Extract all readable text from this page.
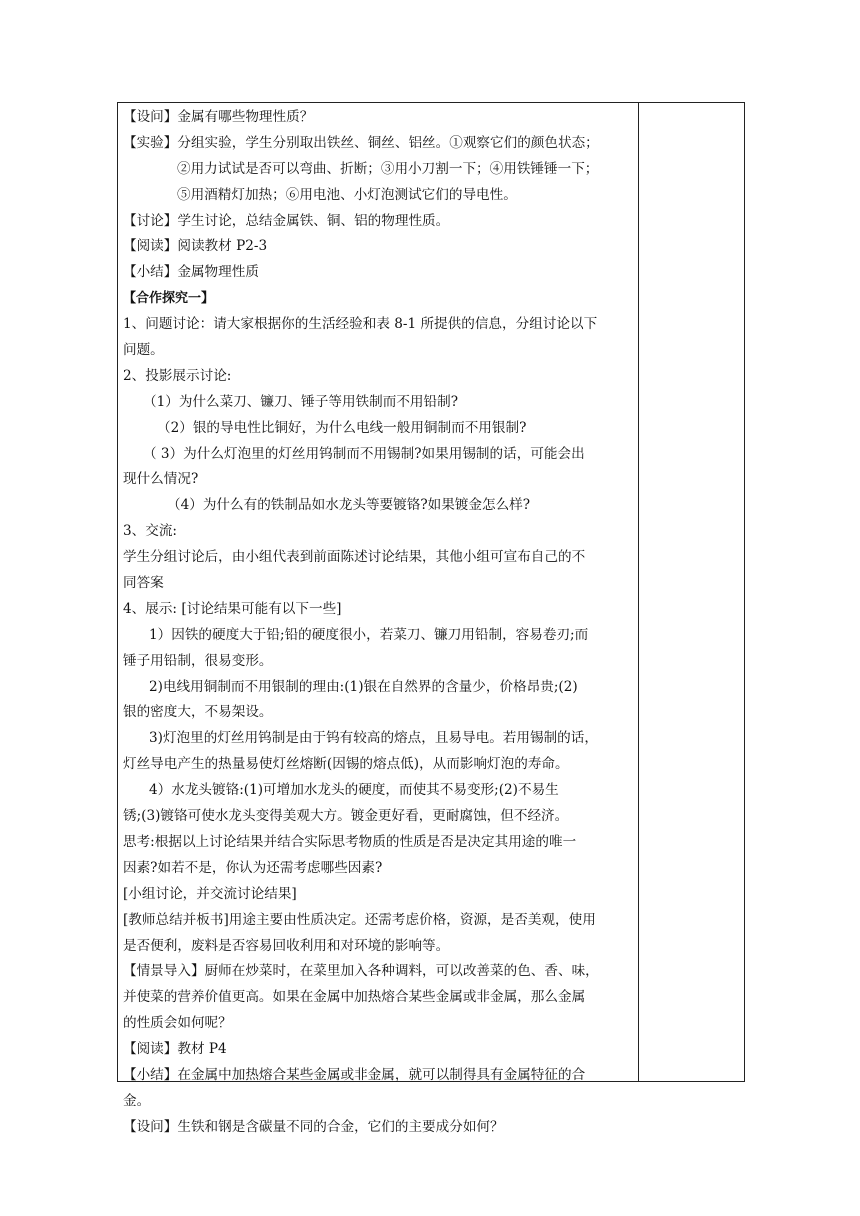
【设问】金属有哪些物理性质？
【实验】分组实验，学生分别取出铁丝、铜丝、铝丝。①观察它们的颜色状态；
②用力试试是否可以弯曲、折断；③用小刀割一下；④用铁锤锤一下；
⑤用酒精灯加热；⑥用电池、小灯泡测试它们的导电性。
【讨论】学生讨论，总结金属铁、铜、铝的物理性质。
【阅读】阅读教材 P2-3
【小结】金属物理性质
【合作探究一】
1、问题讨论：请大家根据你的生活经验和表 8-1 所提供的信息，分组讨论以下
问题。
2、投影展示讨论:
（1）为什么菜刀、镰刀、锤子等用铁制而不用铅制?
（2）银的导电性比铜好，为什么电线一般用铜制而不用银制?
（ 3）为什么灯泡里的灯丝用钨制而不用锡制?如果用锡制的话，可能会出
现什么情况?
（4）为什么有的铁制品如水龙头等要镀铬?如果镀金怎么样?
3、交流:
学生分组讨论后，由小组代表到前面陈述讨论结果，其他小组可宣布自己的不
同答案
4、展示: [讨论结果可能有以下一些]
1）因铁的硬度大于铅;铅的硬度很小，若菜刀、镰刀用铅制，容易卷刃;而
锤子用铅制，很易变形。
2)电线用铜制而不用银制的理由:(1)银在自然界的含量少，价格昂贵;(2)
银的密度大，不易架设。
3)灯泡里的灯丝用钨制是由于钨有较高的熔点，且易导电。若用锡制的话，
灯丝导电产生的热量易使灯丝熔断(因锡的熔点低)，从而影响灯泡的寿命。
4）水龙头镀铬:(1)可增加水龙头的硬度，而使其不易变形;(2)不易生
锈;(3)镀铬可使水龙头变得美观大方。镀金更好看，更耐腐蚀，但不经济。
思考:根据以上讨论结果并结合实际思考物质的性质是否是决定其用途的唯一
因素?如若不是，你认为还需考虑哪些因素?
[小组讨论，并交流讨论结果]
[教师总结并板书]用途主要由性质决定。还需考虑价格，资源，是否美观，使用
是否便利，废料是否容易回收利用和对环境的影响等。
【情景导入】厨师在炒菜时，在菜里加入各种调料，可以改善菜的色、香、味，
并使菜的营养价值更高。如果在金属中加热熔合某些金属或非金属，那么金属
的性质会如何呢？
【阅读】教材 P4
【小结】在金属中加热熔合某些金属或非金属，就可以制得具有金属特征的合
金。
【设问】生铁和钢是含碳量不同的合金，它们的主要成分如何？
